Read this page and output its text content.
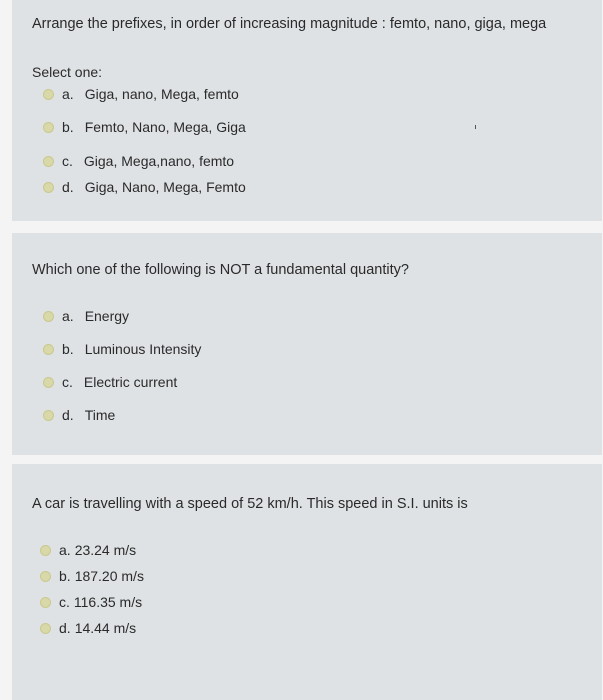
Arrange the prefixes, in order of increasing magnitude : femto, nano, giga, mega
Select one:
a. Giga, nano, Mega, femto
b. Femto, Nano, Mega, Giga
c. Giga, Mega,nano, femto
d. Giga, Nano, Mega, Femto
Which one of the following is NOT a fundamental quantity?
a. Energy
b. Luminous Intensity
c. Electric current
d. Time
A car is travelling with a speed of 52 km/h. This speed in S.I. units is
a. 23.24 m/s
b. 187.20 m/s
c. 116.35 m/s
d. 14.44 m/s
